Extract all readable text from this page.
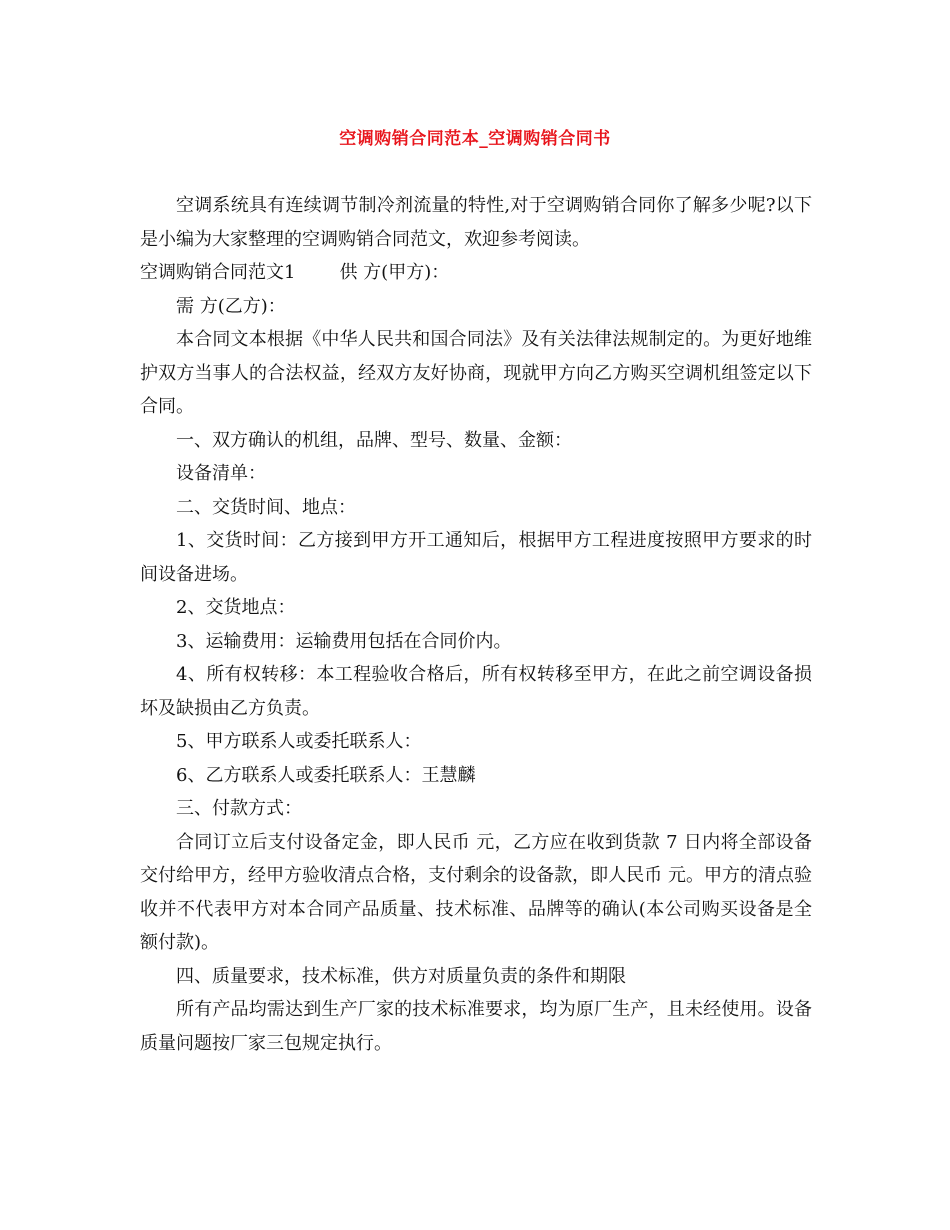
空调购销合同范本_空调购销合同书

空调系统具有连续调节制冷剂流量的特性,对于空调购销合同你了解多少呢?以下是小编为大家整理的空调购销合同范文，欢迎参考阅读。

空调购销合同范文1 供 方(甲方)：

需 方(乙方)：

本合同文本根据《中华人民共和国合同法》及有关法律法规制定的。为更好地维护双方当事人的合法权益，经双方友好协商，现就甲方向乙方购买空调机组签定以下合同。

一、双方确认的机组，品牌、型号、数量、金额：

设备清单：

二、交货时间、地点：

1、交货时间：乙方接到甲方开工通知后，根据甲方工程进度按照甲方要求的时间设备进场。

2、交货地点：

3、运输费用：运输费用包括在合同价内。

4、所有权转移：本工程验收合格后，所有权转移至甲方，在此之前空调设备损坏及缺损由乙方负责。

5、甲方联系人或委托联系人：

6、乙方联系人或委托联系人：王慧麟

三、付款方式：

合同订立后支付设备定金，即人民币 元，乙方应在收到货款 7 日内将全部设备交付给甲方，经甲方验收清点合格，支付剩余的设备款，即人民币 元。甲方的清点验收并不代表甲方对本合同产品质量、技术标准、品牌等的确认(本公司购买设备是全额付款)。

四、质量要求，技术标准，供方对质量负责的条件和期限

所有产品均需达到生产厂家的技术标准要求，均为原厂生产，且未经使用。设备质量问题按厂家三包规定执行。
